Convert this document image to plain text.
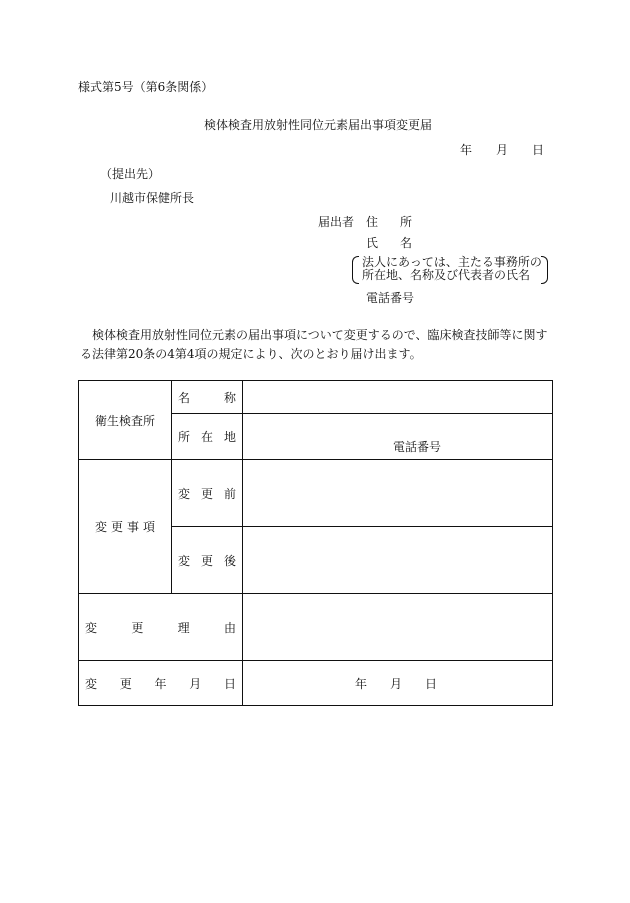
様式第5号（第6条関係）
検体検査用放射性同位元素届出事項変更届
年 月 日
（提出先）
川越市保健所長
届出者 住 所
氏 名
法人にあっては、主たる事務所の
所在地、名称及び代表者の氏名
電話番号
検体検査用放射性同位元素の届出事項について変更するので、臨床検査技師等に関する法律第20条の4第4項の規定により、次のとおり届け出ます。
衛生検査所	名 称	

	所 在 地	電話番号

変 更 事 項	変 更 前	

	変 更 後	

変 更 理 由		

変 更 年 月 日		年 月 日
